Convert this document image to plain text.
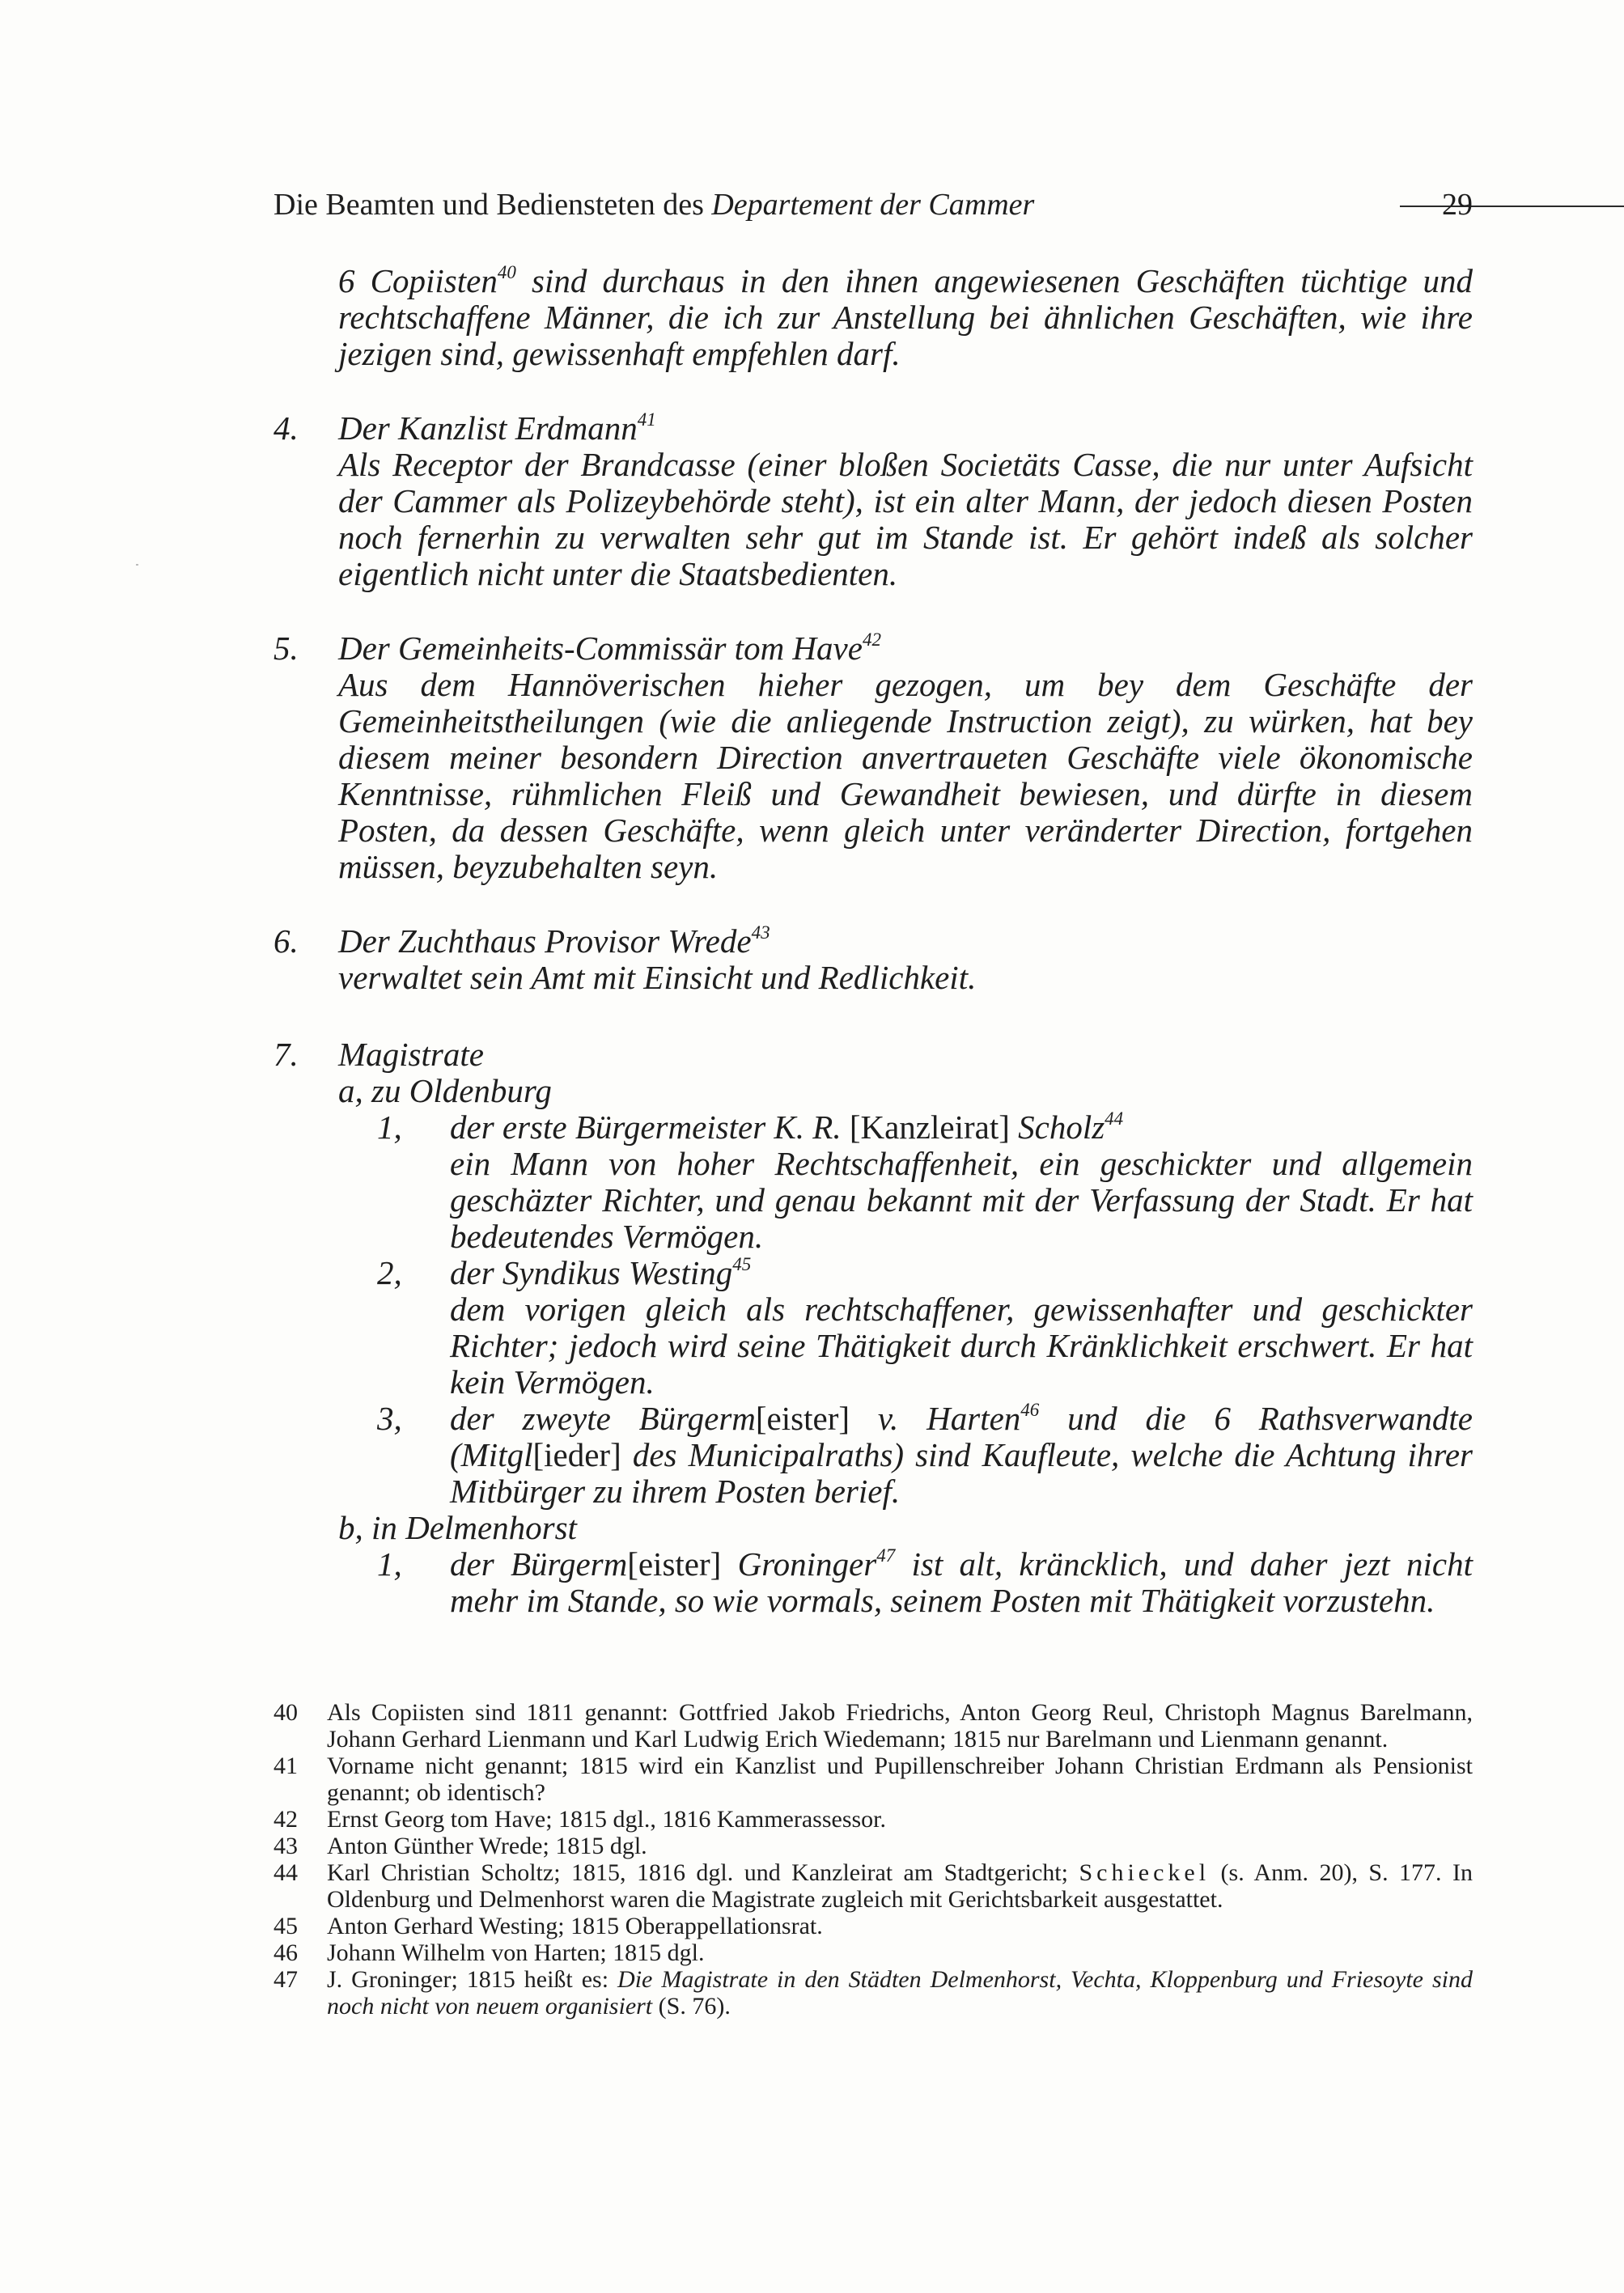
Die Beamten und Bediensteten des Departement der Cammer	29
6 Copiisten$^{40}$ sind durchaus in den ihnen angewiesenen Geschäften tüchtige und rechtschaffene Männer, die ich zur Anstellung bei ähnlichen Geschäften, wie ihre jezigen sind, gewissenhaft empfehlen darf.
4. Der Kanzlist Erdmann$^{41}$
Als Receptor der Brandcasse (einer bloßen Societäts Casse, die nur unter Aufsicht der Cammer als Polizeybehörde steht), ist ein alter Mann, der jedoch diesen Posten noch fernerhin zu verwalten sehr gut im Stande ist. Er gehört indeß als solcher eigentlich nicht unter die Staatsbedienten.
5. Der Gemeinheits-Commissär tom Have$^{42}$
Aus dem Hannöverischen hieher gezogen, um bey dem Geschäfte der Gemeinheitstheilungen (wie die anliegende Instruction zeigt), zu würken, hat bey diesem meiner besondern Direction anvertraueten Geschäfte viele ökonomische Kenntnisse, rühmlichen Fleiß und Gewandheit bewiesen, und dürfte in diesem Posten, da dessen Geschäfte, wenn gleich unter veränderter Direction, fortgehen müssen, beyzubehalten seyn.
6. Der Zuchthaus Provisor Wrede$^{43}$
verwaltet sein Amt mit Einsicht und Redlichkeit.
7. Magistrate
a, zu Oldenburg
1, der erste Bürgermeister K. R. [Kanzleirat] Scholz$^{44}$
ein Mann von hoher Rechtschaffenheit, ein geschickter und allgemein geschäzter Richter, und genau bekannt mit der Verfassung der Stadt. Er hat bedeutendes Vermögen.
2, der Syndikus Westing$^{45}$
dem vorigen gleich als rechtschaffener, gewissenhafter und geschickter Richter; jedoch wird seine Thätigkeit durch Kränklichkeit erschwert. Er hat kein Vermögen.
3, der zweyte Bürgerm[eister] v. Harten$^{46}$ und die 6 Rathsverwandte (Mitgl[ieder] des Municipalraths) sind Kaufleute, welche die Achtung ihrer Mitbürger zu ihrem Posten berief.
b, in Delmenhorst
1, der Bürgerm[eister] Groninger$^{47}$ ist alt, kräncklich, und daher jezt nicht mehr im Stande, so wie vormals, seinem Posten mit Thätigkeit vorzustehn.
40 Als Copiisten sind 1811 genannt: Gottfried Jakob Friedrichs, Anton Georg Reul, Christoph Magnus Barelmann, Johann Gerhard Lienmann und Karl Ludwig Erich Wiedemann; 1815 nur Barelmann und Lienmann genannt.
41 Vorname nicht genannt; 1815 wird ein Kanzlist und Pupillenschreiber Johann Christian Erdmann als Pensionist genannt; ob identisch?
42 Ernst Georg tom Have; 1815 dgl., 1816 Kammerassessor.
43 Anton Günther Wrede; 1815 dgl.
44 Karl Christian Scholtz; 1815, 1816 dgl. und Kanzleirat am Stadtgericht; Schieckel (s. Anm. 20), S. 177. In Oldenburg und Delmenhorst waren die Magistrate zugleich mit Gerichtsbarkeit ausgestattet.
45 Anton Gerhard Westing; 1815 Oberappellationsrat.
46 Johann Wilhelm von Harten; 1815 dgl.
47 J. Groninger; 1815 heißt es: Die Magistrate in den Städten Delmenhorst, Vechta, Kloppenburg und Friesoyte sind noch nicht von neuem organisiert (S. 76).
